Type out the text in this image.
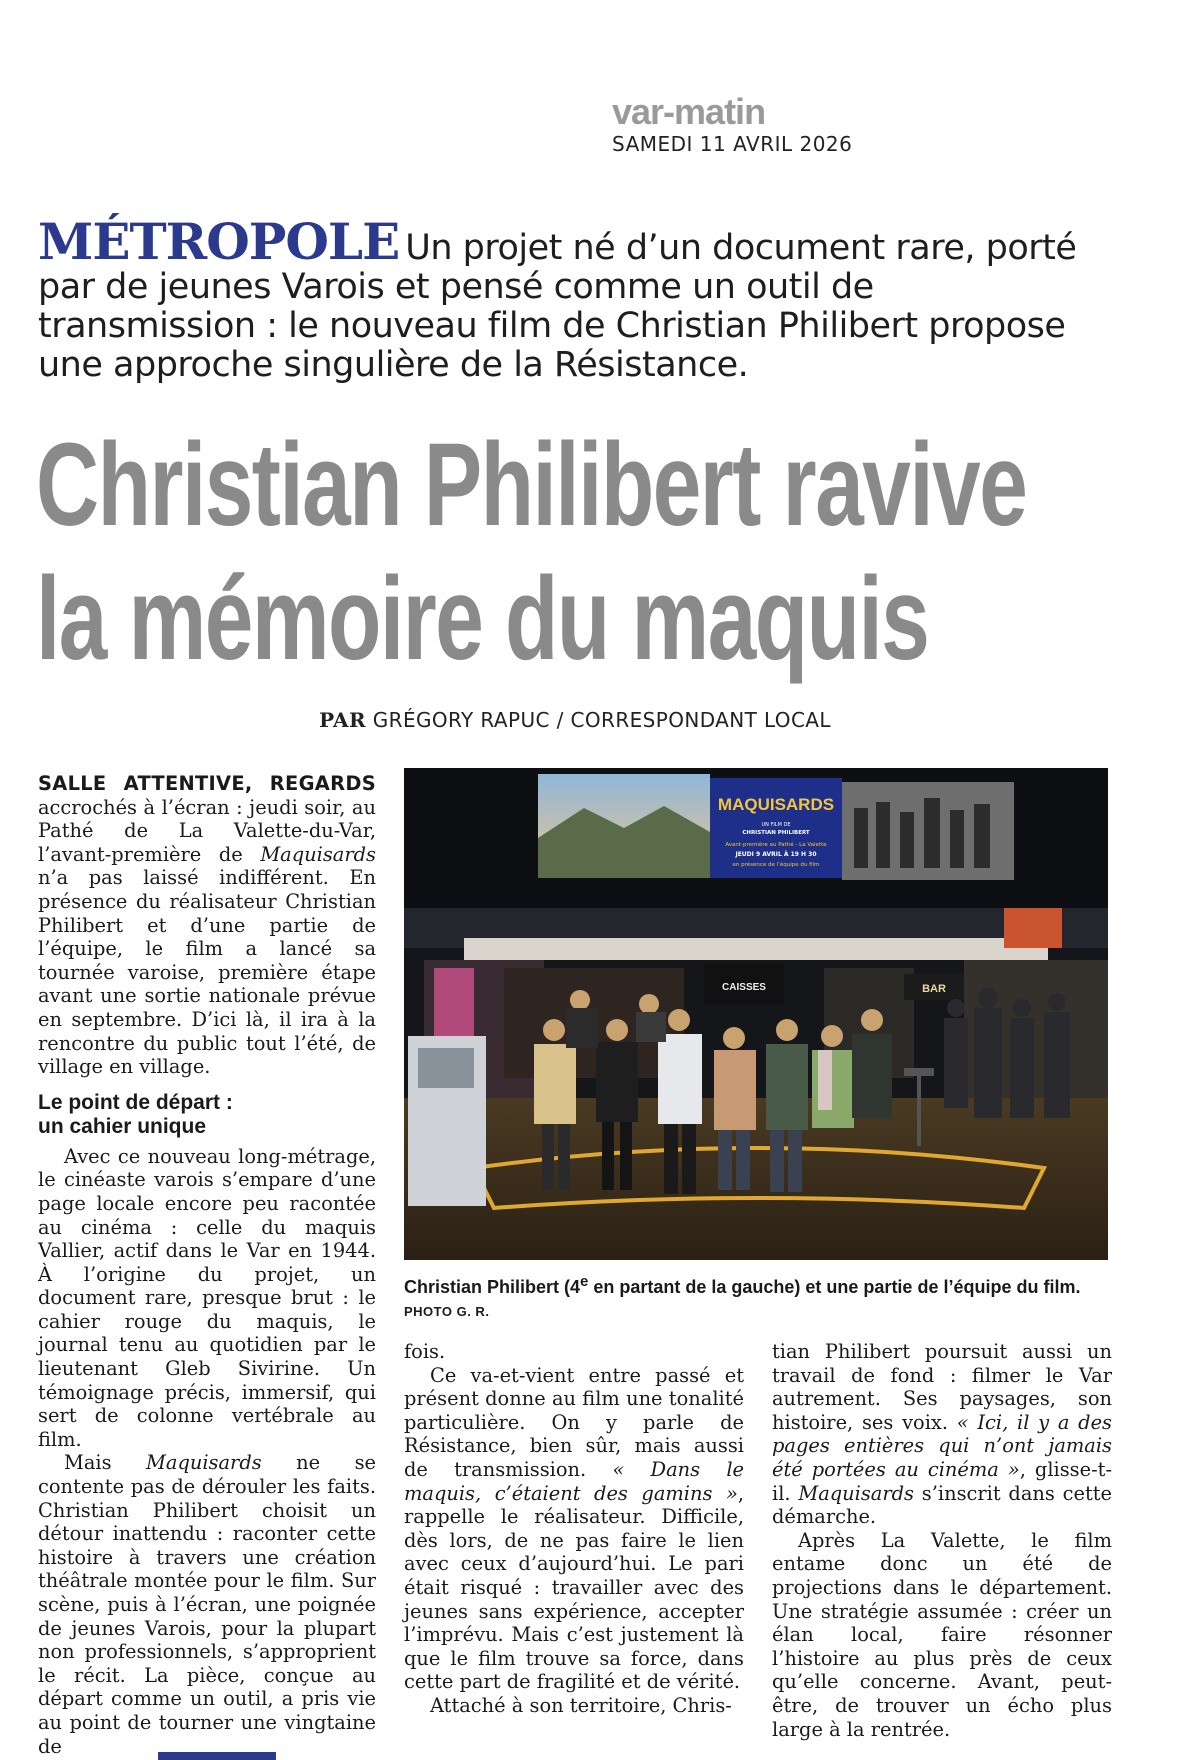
var-matin
SAMEDI 11 AVRIL 2026
MÉTROPOLE Un projet né d’un document rare, porté par de jeunes Varois et pensé comme un outil de transmission : le nouveau film de Christian Philibert propose une approche singulière de la Résistance.
Christian Philibert ravive
la mémoire du maquis
PAR GRÉGORY RAPUC / CORRESPONDANT LOCAL

SALLE ATTENTIVE, REGARDS accrochés à l’écran : jeudi soir, au Pathé de La Valette-du-Var, l’avant-première de Maquisards n’a pas laissé indifférent. En présence du réalisateur Christian Philibert et d’une partie de l’équipe, le film a lancé sa tournée varoise, première étape avant une sortie nationale prévue en septembre. D’ici là, il ira à la rencontre du public tout l’été, de village en village.

Le point de départ :
un cahier unique

Avec ce nouveau long-métrage, le cinéaste varois s’empare d’une page locale encore peu racontée au cinéma : celle du maquis Vallier, actif dans le Var en 1944. À l’origine du projet, un document rare, presque brut : le cahier rouge du maquis, le journal tenu au quotidien par le lieutenant Gleb Sivirine. Un témoignage précis, immersif, qui sert de colonne vertébrale au film.

Mais Maquisards ne se contente pas de dérouler les faits. Christian Philibert choisit un détour inattendu : raconter cette histoire à travers une création théâtrale montée pour le film. Sur scène, puis à l’écran, une poignée de jeunes Varois, pour la plupart non professionnels, s’approprient le récit. La pièce, conçue au départ comme un outil, a pris vie au point de tourner une vingtaine de

MAQUISARDS
UN FILM DE
CHRISTIAN PHILIBERT
Avant-première au Pathé - La Valette
JEUDI 9 AVRIL À 19 H 30
en présence de l’équipe du film
CAISSES	BAR
Christian Philibert (4e en partant de la gauche) et une partie de l’équipe du film. PHOTO G. R.

fois.

Ce va-et-vient entre passé et présent donne au film une tonalité particulière. On y parle de Résistance, bien sûr, mais aussi de transmission. « Dans le maquis, c’étaient des gamins », rappelle le réalisateur. Difficile, dès lors, de ne pas faire le lien avec ceux d’aujourd’hui. Le pari était risqué : travailler avec des jeunes sans expérience, accepter l’imprévu. Mais c’est justement là que le film trouve sa force, dans cette part de fragilité et de vérité.

Attaché à son territoire, Chris-

tian Philibert poursuit aussi un travail de fond : filmer le Var autrement. Ses paysages, son histoire, ses voix. « Ici, il y a des pages entières qui n’ont jamais été portées au cinéma », glisse-t-il. Maquisards s’inscrit dans cette démarche.

Après La Valette, le film entame donc un été de projections dans le département. Une stratégie assumée : créer un élan local, faire résonner l’histoire au plus près de ceux qu’elle concerne. Avant, peut-être, de trouver un écho plus large à la rentrée.
